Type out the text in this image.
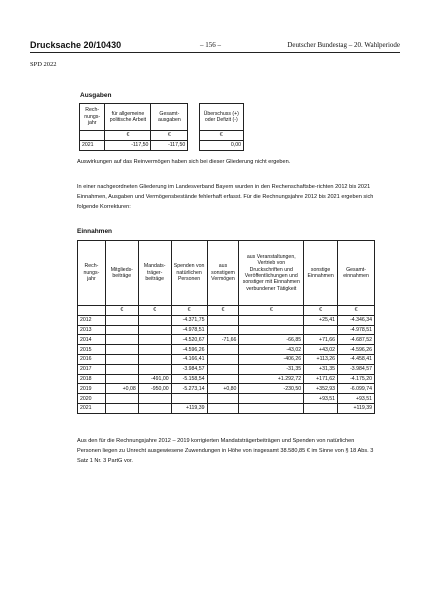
Drucksache 20/10430	– 156 –	Deutscher Bundestag – 20. Wahlperiode
SPD 2022
Ausgaben
Rech-nungs-jahr	für allgemeine politische Arbeit	Gesamt-ausgaben		Überschuss (+) oder Defizit (-)
	€	€		€
2021	-117,50	-117,50		0,00
Auswirkungen auf das Reinvermögen haben sich bei dieser Gliederung nicht ergeben.
In einer nachgeordneten Gliederung im Landesverband Bayern wurden in den Rechenschaftsbe-richten 2012 bis 2021 Einnahmen, Ausgaben und Vermögensbestände fehlerhaft erfasst. Für die Rechnungsjahre 2012 bis 2021 ergeben sich folgende Korrekturen:
Einnahmen
Rech-nungs-jahr	Mitglieds-beiträge	Mandats-träger-beiträge	Spenden von natürlichen Personen	aus sonstigem Vermögen	aus Veranstaltungen, Vertrieb von Druckschriften und Veröffentlichungen und sonstiger mit Einnahmen verbundener Tätigkeit	sonstige Einnahmen	Gesamt-einnahmen
	€	€	€	€	€	€	€
2012			-4.371,75			+25,41	-4.346,34
2013			-4.978,51				-4.978,51
2014			-4.520,67	-71,66	-66,85	+71,66	-4.687,52
2015			-4.596,26		-43,02	+43,02	-4.596,26
2016			-4.166,41		-406,26	+113,26	-4.458,41
2017			-3.984,57		-31,35	+31,35	-3.984,57
2018		-491,00	-5.158,54		+1.292,72	+171,62	-4.175,20
2019	+0,08	-950,00	-5.273,14	+0,80	-230,50	+352,93	-6.099,74
2020						+93,51	+93,51
2021			+119,39				+119,39
Aus den für die Rechnungsjahre 2012 – 2019 korrigierten Mandatsträgerbeiträgen und Spenden von natürlichen Personen liegen zu Unrecht ausgewiesene Zuwendungen in Höhe von insgesamt 38.580,85 € im Sinne von § 18 Abs. 3 Satz 1 Nr. 3 PartG vor.
